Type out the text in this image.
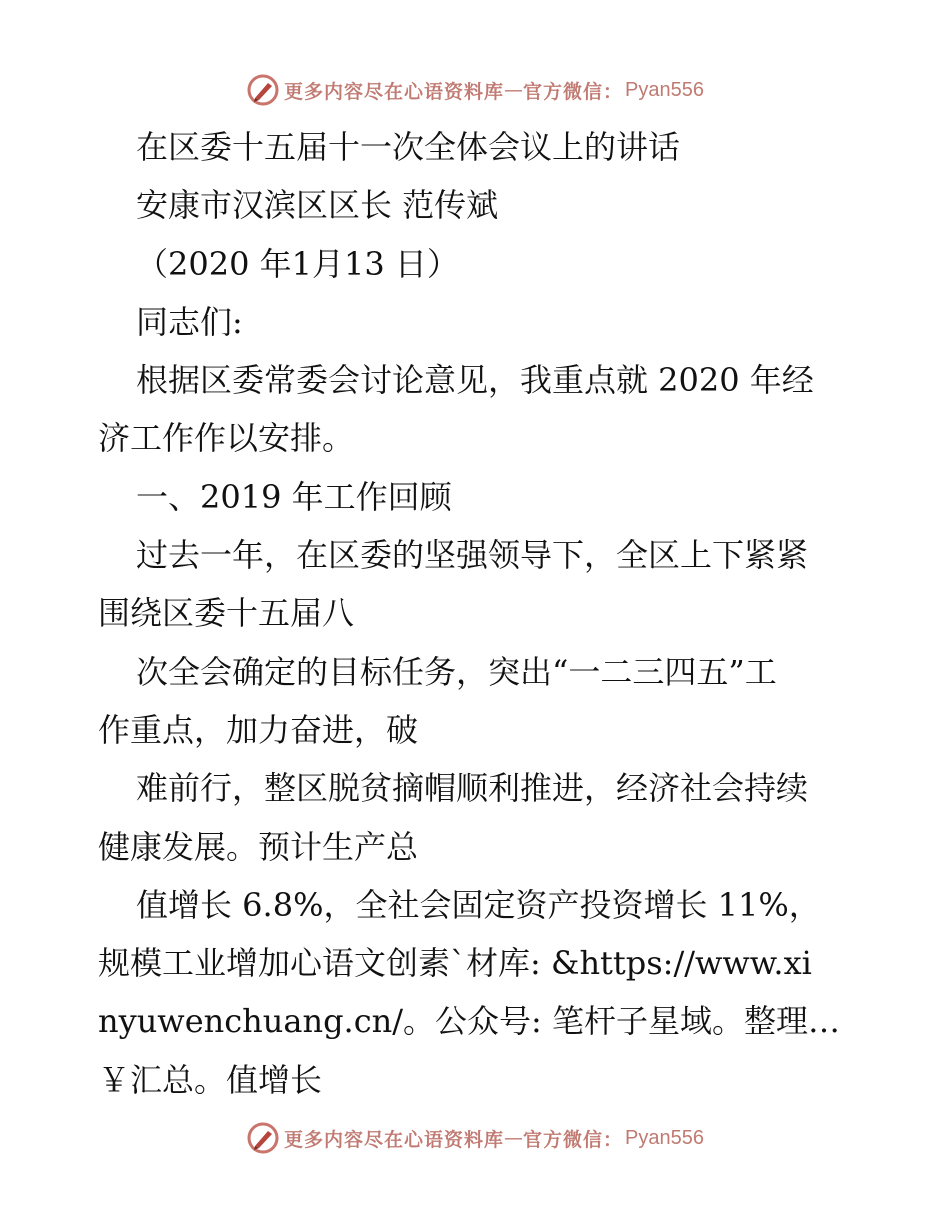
更多内容尽在心语资料库 — 官方微信： Pyan556
在区委十五届十一次全体会议上的讲话
安康市汉滨区区长 范传斌
（2020 年1月13 日）
同志们:
根据区委常委会讨论意见，我重点就 2020 年经
济工作作以安排。
一、2019 年工作回顾
过去一年，在区委的坚强领导下，全区上下紧紧
围绕区委十五届八
次全会确定的目标任务，突出“一二三四五”工
作重点，加力奋进，破
难前行，整区脱贫摘帽顺利推进，经济社会持续
健康发展。预计生产总
值增长 6.8%，全社会固定资产投资增长 11%，
规模工业增加心语文创素`材库: &https://www.xi
nyuwenchuang.cn/。公众号: 笔杆子星域。整理…
￥汇总。值增长
更多内容尽在心语资料库 — 官方微信： Pyan556
